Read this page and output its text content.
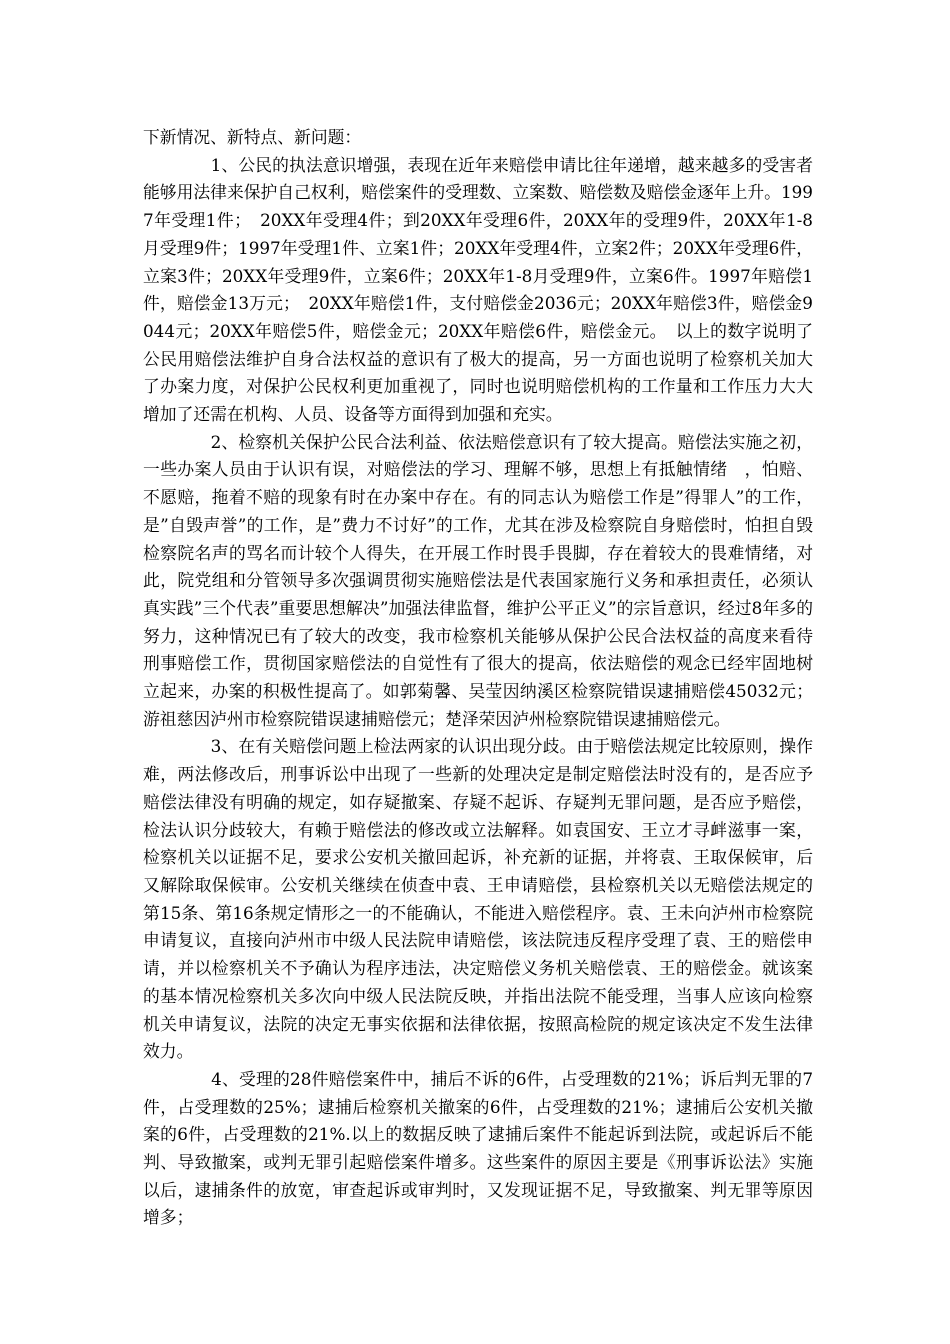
下新情况、新特点、新问题：

　　　　1、公民的执法意识增强，表现在近年来赔偿申请比往年递增，越来越多的受害者能够用法律来保护自己权利，赔偿案件的受理数、立案数、赔偿数及赔偿金逐年上升。1997年受理1件；　20XX年受理4件；到20XX年受理6件，20XX年的受理9件，20XX年1-8月受理9件；1997年受理1件、立案1件；20XX年受理4件，立案2件；20XX年受理6件，立案3件；20XX年受理9件，立案6件；20XX年1-8月受理9件，立案6件。1997年赔偿1件，赔偿金13万元；　20XX年赔偿1件，支付赔偿金2036元；20XX年赔偿3件，赔偿金9044元；20XX年赔偿5件，赔偿金元；20XX年赔偿6件，赔偿金元。　以上的数字说明了公民用赔偿法维护自身合法权益的意识有了极大的提高，另一方面也说明了检察机关加大了办案力度，对保护公民权利更加重视了，同时也说明赔偿机构的工作量和工作压力大大增加了还需在机构、人员、设备等方面得到加强和充实。

　　　　2、检察机关保护公民合法利益、依法赔偿意识有了较大提高。赔偿法实施之初，一些办案人员由于认识有误，对赔偿法的学习、理解不够，思想上有抵触情绪　，怕赔、不愿赔，拖着不赔的现象有时在办案中存在。有的同志认为赔偿工作是”得罪人”的工作，是”自毁声誉”的工作，是”费力不讨好”的工作，尤其在涉及检察院自身赔偿时，怕担自毁检察院名声的骂名而计较个人得失，在开展工作时畏手畏脚，存在着较大的畏难情绪，对此，院党组和分管领导多次强调贯彻实施赔偿法是代表国家施行义务和承担责任，必须认真实践”三个代表”重要思想解决”加强法律监督，维护公平正义”的宗旨意识，经过8年多的努力，这种情况已有了较大的改变，我市检察机关能够从保护公民合法权益的高度来看待刑事赔偿工作，贯彻国家赔偿法的自觉性有了很大的提高，依法赔偿的观念已经牢固地树立起来，办案的积极性提高了。如郭菊馨、吴莹因纳溪区检察院错误逮捕赔偿45032元；游祖慈因泸州市检察院错误逮捕赔偿元；楚泽荣因泸州检察院错误逮捕赔偿元。

　　　　3、在有关赔偿问题上检法两家的认识出现分歧。由于赔偿法规定比较原则，操作难，两法修改后，刑事诉讼中出现了一些新的处理决定是制定赔偿法时没有的，是否应予赔偿法律没有明确的规定，如存疑撤案、存疑不起诉、存疑判无罪问题，是否应予赔偿，检法认识分歧较大，有赖于赔偿法的修改或立法解释。如袁国安、王立才寻衅滋事一案，检察机关以证据不足，要求公安机关撤回起诉，补充新的证据，并将袁、王取保候审，后又解除取保候审。公安机关继续在侦查中袁、王申请赔偿，县检察机关以无赔偿法规定的第15条、第16条规定情形之一的不能确认，不能进入赔偿程序。袁、王未向泸州市检察院申请复议，直接向泸州市中级人民法院申请赔偿，该法院违反程序受理了袁、王的赔偿申请，并以检察机关不予确认为程序违法，决定赔偿义务机关赔偿袁、王的赔偿金。就该案的基本情况检察机关多次向中级人民法院反映，并指出法院不能受理，当事人应该向检察机关申请复议，法院的决定无事实依据和法律依据，按照高检院的规定该决定不发生法律效力。

　　　　4、受理的28件赔偿案件中，捕后不诉的6件，占受理数的21%；诉后判无罪的7件，占受理数的25%；逮捕后检察机关撤案的6件，占受理数的21%；逮捕后公安机关撤案的6件，占受理数的21%.以上的数据反映了逮捕后案件不能起诉到法院，或起诉后不能判、导致撤案，或判无罪引起赔偿案件增多。这些案件的原因主要是《刑事诉讼法》实施以后，逮捕条件的放宽，审查起诉或审判时，又发现证据不足，导致撤案、判无罪等原因增多；
